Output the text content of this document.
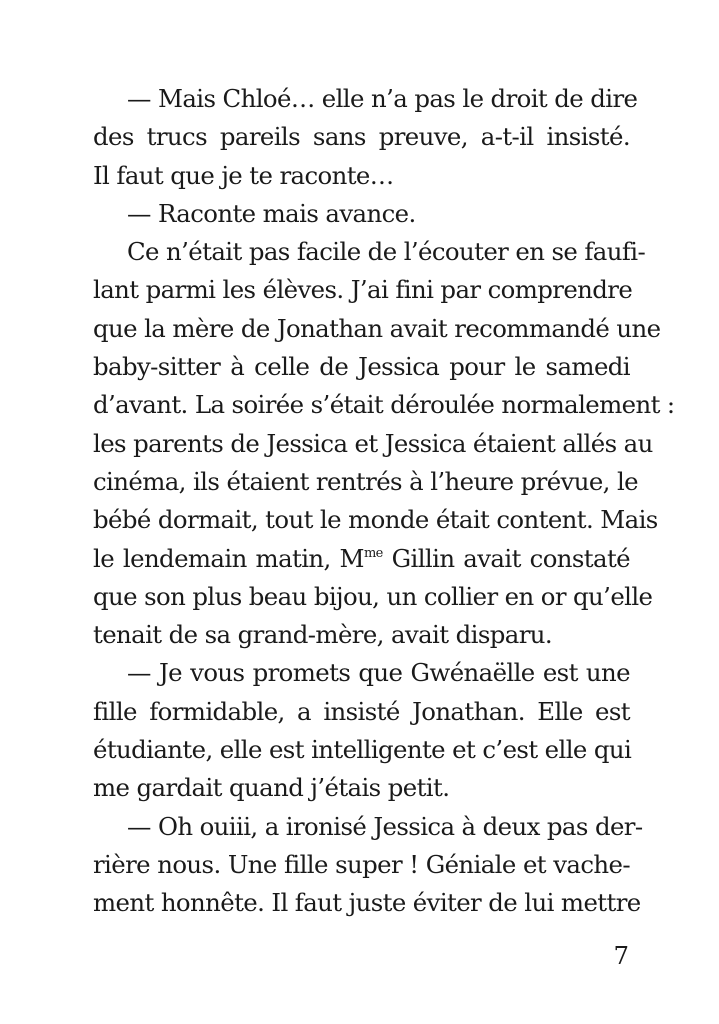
— Mais Chloé… elle n’a pas le droit de dire
des trucs pareils sans preuve, a-t-il insisté.
Il faut que je te raconte…
— Raconte mais avance.
Ce n’était pas facile de l’écouter en se faufi-
lant parmi les élèves. J’ai fini par comprendre
que la mère de Jonathan avait recommandé une
baby-sitter à celle de Jessica pour le samedi
d’avant. La soirée s’était déroulée normalement :
les parents de Jessica et Jessica étaient allés au
cinéma, ils étaient rentrés à l’heure prévue, le
bébé dormait, tout le monde était content. Mais
le lendemain matin, $M^{me}$ Gillin avait constaté
que son plus beau bijou, un collier en or qu’elle
tenait de sa grand-mère, avait disparu.
— Je vous promets que Gwénaëlle est une
fille formidable, a insisté Jonathan. Elle est
étudiante, elle est intelligente et c’est elle qui
me gardait quand j’étais petit.
— Oh ouiii, a ironisé Jessica à deux pas der-
rière nous. Une fille super ! Géniale et vache-
ment honnête. Il faut juste éviter de lui mettre
7
